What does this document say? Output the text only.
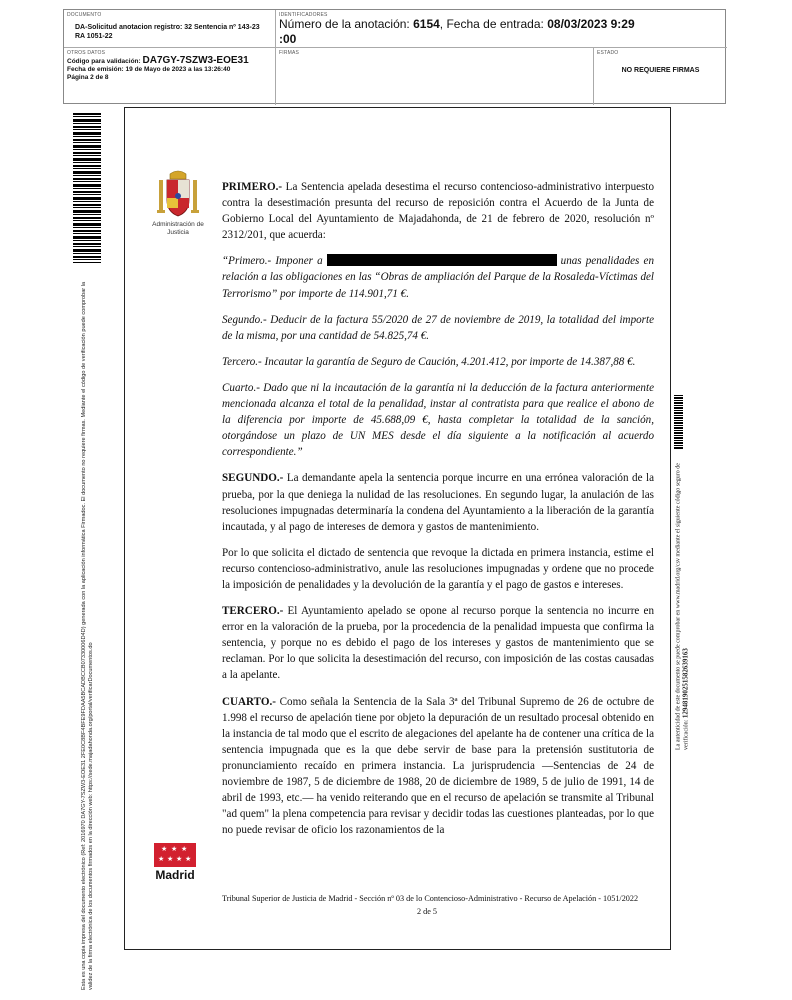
DOCUMENTO
DA-Solicitud anotacion registro: 32 Sentencia nº 143-23 RA 1051-22
IDENTIFICADORES
Número de la anotación: 6154, Fecha de entrada: 08/03/2023 9:29
:00
OTROS DATOS
Código para validación: DA7GY-7SZW3-EOE31
Fecha de emisión: 19 de Mayo de 2023 a las 13:26:40
Página 2 de 8
FIRMAS	ESTADO
NO REQUIERE FIRMAS
Esta es una copia impresa del documento electrónico (Ref: 2016970 DA7GY-7SZW3-EOE31 2FE0C8BF4BFE9FDAA5BCADBCCB07330006D4D) generada con la aplicación informática Firmadoc. El documento no requiere firmas. Mediante el código de verificación puede comprobar la validez de la firma electrónica de los documentos firmados en la dirección web: https://sede.majadahonda.org/portal/verificarDocumentos.do
Administración de Justicia
★ ★ ★
★ ★ ★ ★
Madrid
La autenticidad de este documento se puede comprobar en www.madrid.org/csv mediante el siguiente código seguro de verificación: 1294819025158263916​3

PRIMERO.- La Sentencia apelada desestima el recurso contencioso-administrativo interpuesto contra la desestimación presunta del recurso de reposición contra el Acuerdo de la Junta de Gobierno Local del Ayuntamiento de Majadahonda, de 21 de febrero de 2020, resolución nº 2312/201, que acuerda:

“Primero.- Imponer a	unas penalidades en relación a las obligaciones en las “Obras de ampliación del Parque de la Rosaleda-Víctimas del Terrorismo” por importe de 114.901,71 €.

Segundo.- Deducir de la factura 55/2020 de 27 de noviembre de 2019, la totalidad del importe de la misma, por una cantidad de 54.825,74 €.

Tercero.- Incautar la garantía de Seguro de Caución, 4.201.412, por importe de 14.387,88 €.

Cuarto.- Dado que ni la incautación de la garantía ni la deducción de la factura anteriormente mencionada alcanza el total de la penalidad, instar al contratista para que realice el abono de la diferencia por importe de 45.688,09 €, hasta completar la totalidad de la sanción, otorgándose un plazo de UN MES desde el día siguiente a la notificación al acuerdo correspondiente.”

SEGUNDO.- La demandante apela la sentencia porque incurre en una errónea valoración de la prueba, por la que deniega la nulidad de las resoluciones. En segundo lugar, la anulación de las resoluciones impugnadas determinaría la condena del Ayuntamiento a la liberación de la garantía incautada, y al pago de intereses de demora y gastos de mantenimiento.

Por lo que solicita el dictado de sentencia que revoque la dictada en primera instancia, estime el recurso contencioso-administrativo, anule las resoluciones impugnadas y ordene que no procede la imposición de penalidades y la devolución de la garantía y el pago de gastos e intereses.

TERCERO.- El Ayuntamiento apelado se opone al recurso porque la sentencia no incurre en error en la valoración de la prueba, por la procedencia de la penalidad impuesta que confirma la sentencia, y porque no es debido el pago de los intereses y gastos de mantenimiento que se reclaman. Por lo que solicita la desestimación del recurso, con imposición de las costas causadas a la apelante.

CUARTO.- Como señala la Sentencia de la Sala 3ª del Tribunal Supremo de 26 de octubre de 1.998 el recurso de apelación tiene por objeto la depuración de un resultado procesal obtenido en la instancia de tal modo que el escrito de alegaciones del apelante ha de contener una crítica de la sentencia impugnada que es la que debe servir de base para la pretensión sustitutoria de pronunciamiento recaído en primera instancia. La jurisprudencia —Sentencias de 24 de noviembre de 1987, 5 de diciembre de 1988, 20 de diciembre de 1989, 5 de julio de 1991, 14 de abril de 1993, etc.— ha venido reiterando que en el recurso de apelación se transmite al Tribunal "ad quem" la plena competencia para revisar y decidir todas las cuestiones planteadas, por lo que no puede revisar de oficio los razonamientos de la

Tribunal Superior de Justicia de Madrid - Sección nº 03 de lo Contencioso-Administrativo - Recurso de Apelación - 1051/2022
2 de 5
